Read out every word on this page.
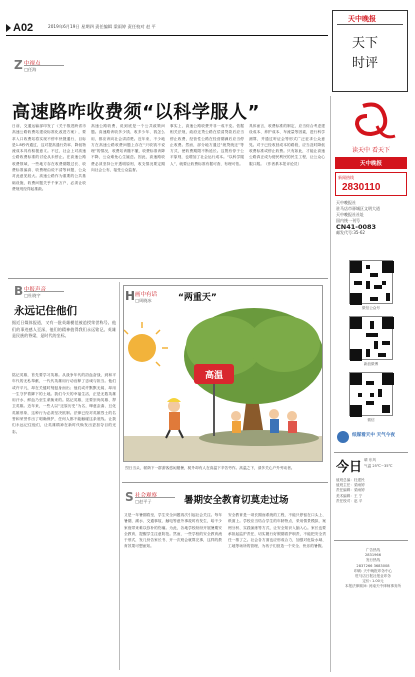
A02	2019年6月19日 星期四 责任编辑 梁雨婷 责任校对 赵 平
天中晚报
天下
时评
Z 中视点
□任海
高速路咋收费须“以科学服人”
日前，交通运输部印发了《关于推进跨省市高速公路收费站建设标准化改进方案》，要求入口收费站将实现不停车快捷通行，目标是1.8秒内通过，这对提高通行效率、降低物流成本具有积极意义。不过，社会上对高速公路收费标准的讨论从未停止。在高速公路收费领域，一些地方存在收费期限过长、收费标准偏高、收费理由说不清等问题，公众对此意见较大。高速公路作为重要的公共基础设施，收费问题关乎千家万户，必须让收费规则经得起推敲。
高速公路收费，说到底是一个公共政策问题。高速路该收多少钱、收多少年、钱怎么用，都应该向社会讲清楚。近年来，不少地方在高速公路收费问题上存在“只收钱不说理”的情况，收费站该撤不撤，收费标准该降不降，公众难免心生疑虑。因此，高速路收费必须坚持公开透明原则，收支情况要定期向社会公布，接受公众监督。
事实上，高速公路收费并非一成不变。依据相关法规，政府还贷公路在偿清贷款后应当停止收费，经营性公路在经营期满后应当停止收费。然而，部分地方通过“统贷统还”等方式，使收费期限不断延长。这既有悖于公平原则，也增加了社会运行成本。“以科学服人”，就要让收费标准有据可查、有理可依。
具体而言，收费标准的制定，应当综合考虑建设成本、养护成本、车流量等因素，进行科学测算，并通过听证会等形式广泛征求公众意见。对于已经收回成本的路段，应当及时降低收费标准或停止收费。只有如此，才能让高速公路真正成为便民利民的民生工程，让公众心服口服。（作者系本报评论员）
B 中报声音
□杜晓宇
永远记住他们
据近日媒体报道，又有一批英雄模范被追授荣誉称号。他们的事迹感人至深，他们的精神值得我们永远铭记。英雄是民族的脊梁，是时代的坐标。
铭记英雄，首先要学习英雄。从战争年代的浴血奋战，到和平年代的无私奉献，一代代英雄用行动诠释了忠诚与担当。他们或许平凡，却在关键时刻挺身而出；他们或许默默无闻，却用一生守护着脚下的土地。我们今天的幸福生活，正是无数英雄用汗水、鲜血乃至生命换来的。铭记英雄，还要崇尚英雄、捍卫英雄。近年来，一些人以“还原历史”为名，肆意歪曲、丑化英雄形象，这种行为必须坚决抵制。法律已经对英雄烈士的名誉和荣誉作出了明确保护，任何人都不能触碰这条底线。让我们永远记住他们，让英雄精神在新时代焕发出更加夺目的光彩。
高温
H 画中有话
□周晓冰	“两重天”
烈日当头，树荫下一群游客悠闲避暑，树外却有人在高温下辛苦劳作。高温之下，请多关心户外劳动者。
S 社会观察
□赵平子	暑期安全教育切莫走过场
又是一年暑期将至，学生安全问题再次引起社会关注。每年暑期，溺水、交通事故、触电等意外事故时有发生，给不少家庭带来难以弥补的伤痛。为此，各地学校纷纷开展暑期安全教育，提醒学生注意防范。然而，一些学校的安全教育流于形式，发几份告家长书、开一次班会就算完事，这样的教育效果可想而知。
安全教育是一项长期而系统的工程，不能只停留在口头上、纸面上。学校应当结合学生的年龄特点，采用情景模拟、案例分析、实践演练等方式，让安全知识入脑入心。家长也要承担起监护责任，切实履行好假期看护职责，不能把安全责任一推了之。社会各方面也应形成合力，加强对危险水域、工地等场所的管理，为孩子们营造一个安全、快乐的暑假。
读天中 看天下
天中晚报
新闻热线
2830110
天中晚报社
驻马店市驿城区文明大道
天中晚报社社址
国内统一刊号
CN41-0083
邮发代号:35-62
微信公众号
新浪微博
微信
纸媒看天中 天气今夜
今日 晴 东风
气温 25℃~35℃
值班总编：杜建民
值班主任：梁雨婷
责任编辑：梁雨婷
美术编辑：王 宁
责任校对：赵 平
广告热线
2831966
发行热线
2837266 3683008
印刷: 天中晚报印务中心
驻马店日报社报业印务
定价: 1.00元
本报法律顾问: 河南天中律师事务所
